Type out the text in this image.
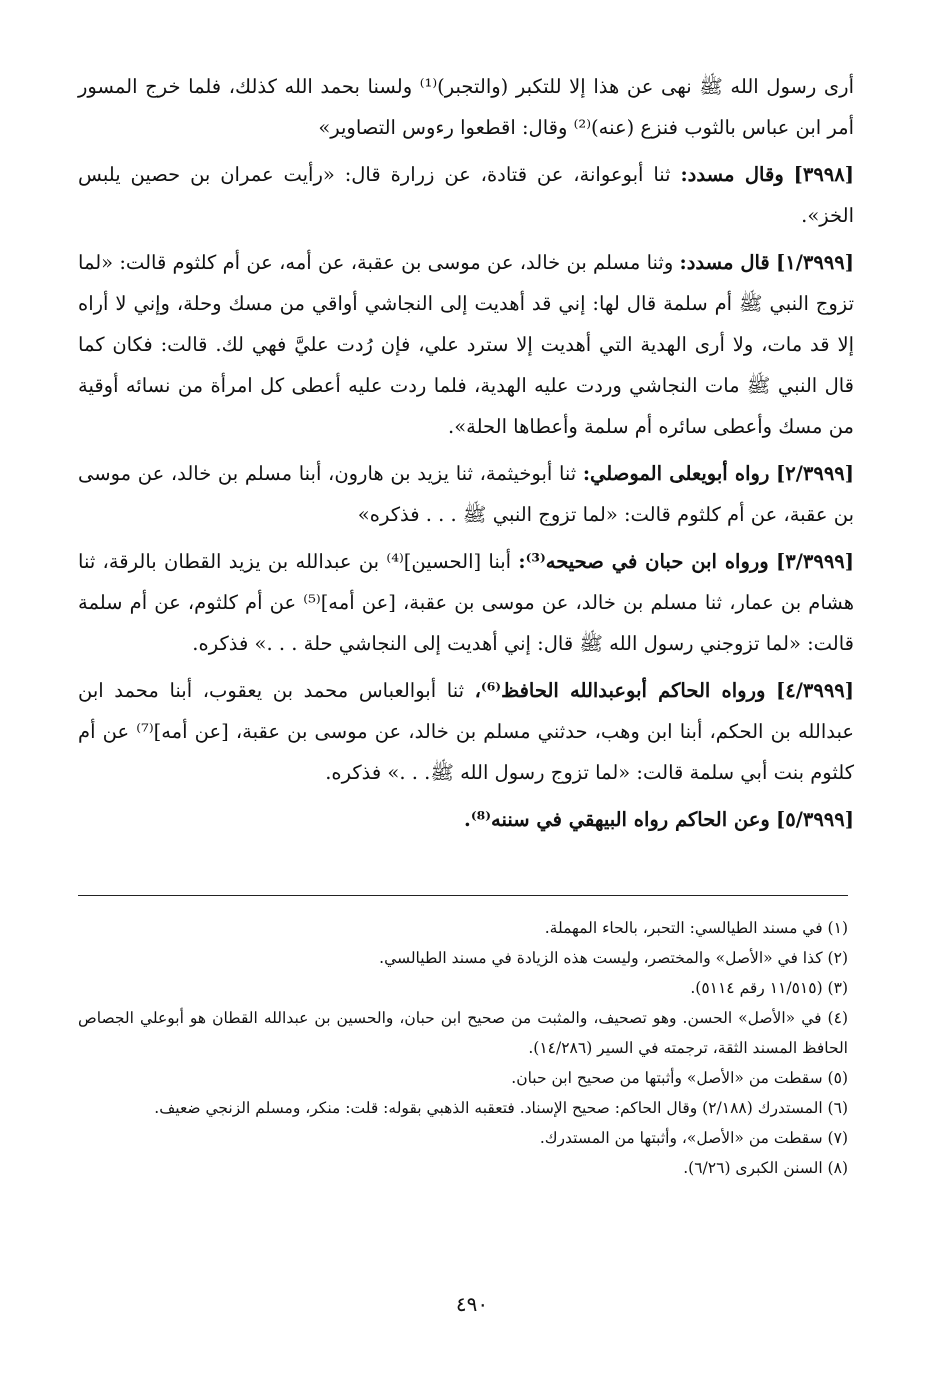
أرى رسول الله ﷺ نهى عن هذا إلا للتكبر (والتجبر)⁽¹⁾ ولسنا بحمد الله كذلك، فلما خرج المسور أمر ابن عباس بالثوب فنزع (عنه)⁽²⁾ وقال: اقطعوا رءوس التصاوير»

[٣٩٩٨] وقال مسدد: ثنا أبوعوانة، عن قتادة، عن زرارة قال: «رأيت عمران بن حصين يلبس الخز».

[١/٣٩٩٩] قال مسدد: وثنا مسلم بن خالد، عن موسى بن عقبة، عن أمه، عن أم كلثوم قالت: «لما تزوج النبي ﷺ أم سلمة قال لها: إني قد أهديت إلى النجاشي أواقي من مسك وحلة، وإني لا أراه إلا قد مات، ولا أرى الهدية التي أهديت إلا سترد علي، فإن رُدت عليَّ فهي لك. قالت: فكان كما قال النبي ﷺ مات النجاشي وردت عليه الهدية، فلما ردت عليه أعطى كل امرأة من نسائه أوقية من مسك وأعطى سائره أم سلمة وأعطاها الحلة».

[٢/٣٩٩٩] رواه أبويعلى الموصلي: ثنا أبوخيثمة، ثنا يزيد بن هارون، أبنا مسلم بن خالد، عن موسى بن عقبة، عن أم كلثوم قالت: «لما تزوج النبي ﷺ . . . فذكره»

[٣/٣٩٩٩] ورواه ابن حبان في صحيحه⁽³⁾: أبنا [الحسين]⁽⁴⁾ بن عبدالله بن يزيد القطان بالرقة، ثنا هشام بن عمار، ثنا مسلم بن خالد، عن موسى بن عقبة، [عن أمه]⁽⁵⁾ عن أم كلثوم، عن أم سلمة قالت: «لما تزوجني رسول الله ﷺ قال: إني أهديت إلى النجاشي حلة . . .» فذكره.

[٤/٣٩٩٩] ورواه الحاكم أبوعبدالله الحافظ⁽⁶⁾، ثنا أبوالعباس محمد بن يعقوب، أبنا محمد ابن عبدالله بن الحكم، أبنا ابن وهب، حدثني مسلم بن خالد، عن موسى بن عقبة، [عن أمه]⁽⁷⁾ عن أم كلثوم بنت أبي سلمة قالت: «لما تزوج رسول الله ﷺ. . .» فذكره.

[٥/٣٩٩٩] وعن الحاكم رواه البيهقي في سننه⁽⁸⁾.

(١) في مسند الطيالسي: التحبر، بالحاء المهملة.

(٢) كذا في «الأصل» والمختصر، وليست هذه الزيادة في مسند الطيالسي.

(٣) (١١/٥١٥ رقم ٥١١٤).

(٤) في «الأصل» الحسن. وهو تصحيف، والمثبت من صحيح ابن حبان، والحسين بن عبدالله القطان هو أبوعلي الجصاص الحافظ المسند الثقة، ترجمته في السير (١٤/٢٨٦).

(٥) سقطت من «الأصل» وأثبتها من صحيح ابن حبان.

(٦) المستدرك (٢/١٨٨) وقال الحاكم: صحيح الإسناد. فتعقبه الذهبي بقوله: قلت: منكر، ومسلم الزنجي ضعيف.

(٧) سقطت من «الأصل»، وأثبتها من المستدرك.

(٨) السنن الكبرى (٦/٢٦).

٤٩٠
